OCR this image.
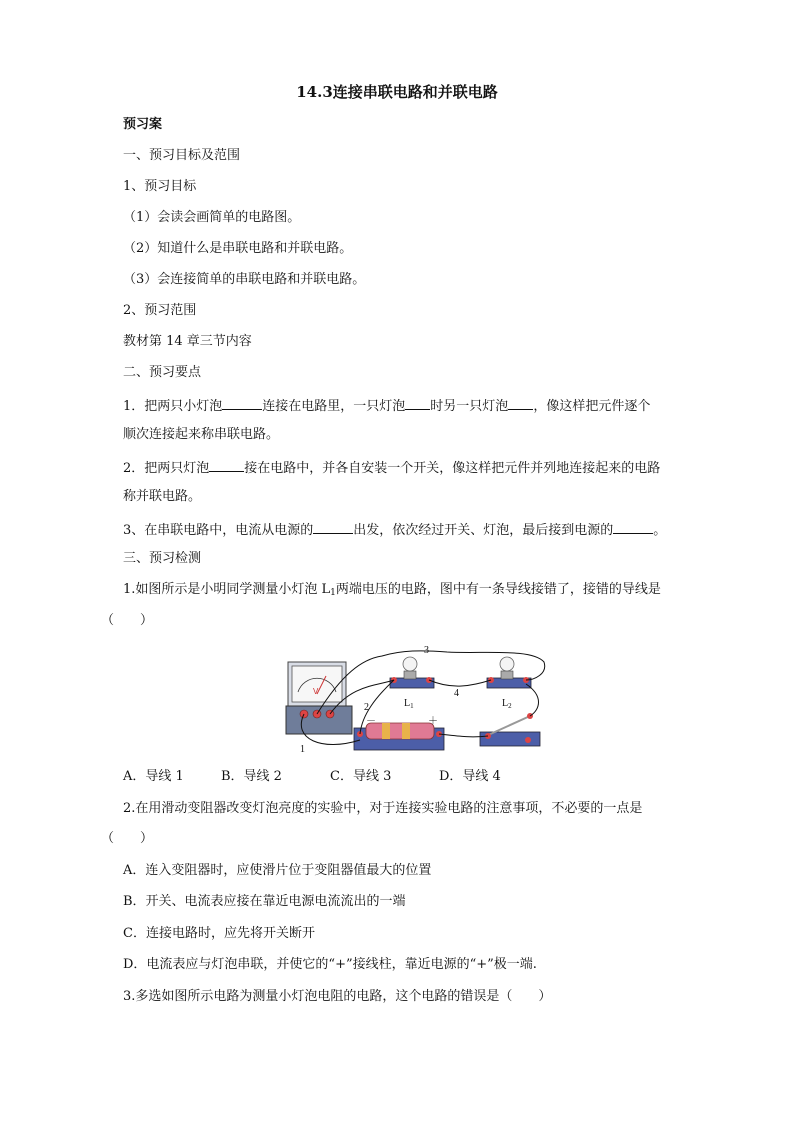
14.3连接串联电路和并联电路
预习案
一、预习目标及范围
1、预习目标
（1）会读会画简单的电路图。
（2）知道什么是串联电路和并联电路。
（3）会连接简单的串联电路和并联电路。
2、预习范围
教材第 14 章三节内容
二、预习要点
1．把两只小灯泡	连接在电路里，一只灯泡 时另一只灯泡 ，像这样把元件逐个
顺次连接起来称串联电路。
2．把两只灯泡	接在电路中，并各自安装一个开关，像这样把元件并列地连接起来的电路
称并联电路。
3、在串联电路中，电流从电源的	出发，依次经过开关、灯泡，最后接到电源的	。
三、预习检测
1.如图所示是小明同学测量小灯泡 $L_1$两端电压的电路，图中有一条导线接错了，接错的导线是
（　　）
V
1
2
3
4
$L_1$	$L_2$
－	＋
A．导线 1	B．导线 2	C．导线 3	D．导线 4
2.在用滑动变阻器改变灯泡亮度的实验中，对于连接实验电路的注意事项，不必要的一点是
（　　）
A．连入变阻器时，应使滑片位于变阻器值最大的位置
B．开关、电流表应接在靠近电源电流流出的一端
C．连接电路时，应先将开关断开
D．电流表应与灯泡串联，并使它的“+”接线柱，靠近电源的“+”极一端.
3.多选如图所示电路为测量小灯泡电阻的电路，这个电路的错误是（　　）
